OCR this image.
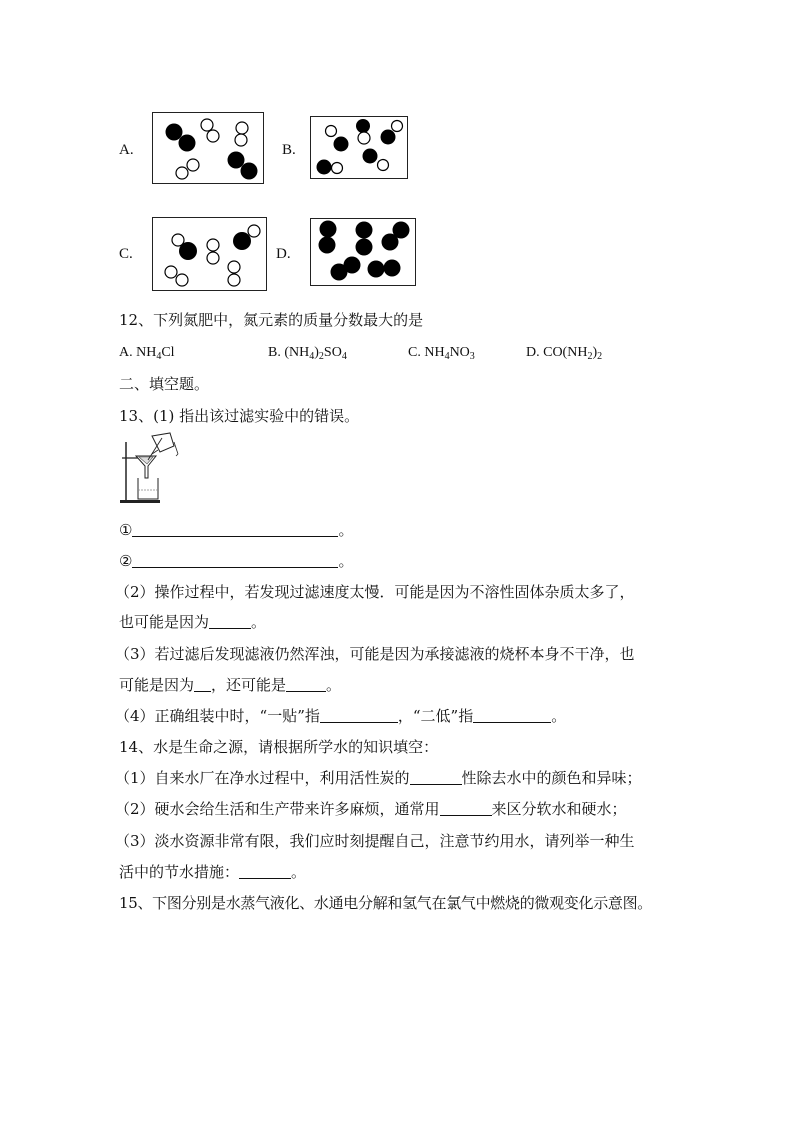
A.	B.
C.	D.
12、下列氮肥中，氮元素的质量分数最大的是
A. $NH_4Cl$	B. $(NH_4)_2SO_4$	C. $NH_4NO_3$	D. $CO(NH_2)_2$
二、填空题。
13、(1) 指出该过滤实验中的错误。
①	。
②	。
（2）操作过程中，若发现过滤速度太慢．可能是因为不溶性固体杂质太多了，
也可能是因为	。
（3）若过滤后发现滤液仍然浑浊，可能是因为承接滤液的烧杯本身不干净，也
可能是因为 ，还可能是	。
（4）正确组装中时，“一贴”指	，“二低”指	。
14、水是生命之源，请根据所学水的知识填空：
（1）自来水厂在净水过程中，利用活性炭的	性除去水中的颜色和异味；
（2）硬水会给生活和生产带来许多麻烦，通常用	来区分软水和硬水；
（3）淡水资源非常有限，我们应时刻提醒自己，注意节约用水，请列举一种生
活中的节水措施：	。
15、下图分别是水蒸气液化、水通电分解和氢气在氯气中燃烧的微观变化示意图。
